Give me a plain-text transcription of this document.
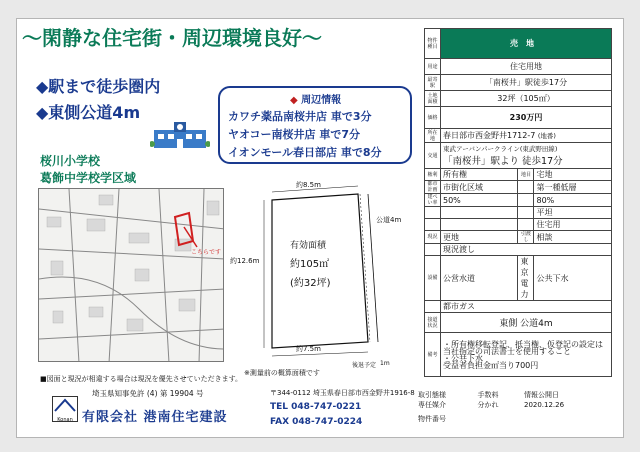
～閑静な住宅街・周辺環境良好～
◆駅まで徒歩圏内
◆東側公道4m
◆ 周辺情報
カワチ薬品南桜井店 車で3分
ヤオコー南桜井店 車で7分
イオンモール春日部店 車で8分
桜川小学校
葛飾中学校学区域
こちらです
約8.5m
約12.6m
約7.5m
公道4m
有効面積
約105㎡
(約32坪)
後退予定 1m
※測量前の概算面積です
■図面と現況が相違する場合は現況を優先させていただきます。
物件種目	売地		
用途	住宅用地		
最寄駅	「南桜井」駅徒歩17分		
土地面積	32坪（105㎡）		
価格	230万円		
所在地	春日部市西金野井1712-7 (地番)		
交通	東武アーバンパークライン(東武野田線)
「南桜井」駅より 徒歩17分		

権利	所有権	地目	宅地
都市計画	市街化区域		第一種低層
建ぺい率	50%		80%
			平坦
			住宅用
現況	更地	引渡し	相談
	現況渡し		
設備	公営水道	東京電力	公共下水
	都市ガス		
接道状況	東側 公道4m		
備考	・所有権移転登記、抵当権、仮登記の設定は当社指定の司法書士を使用すること
・公共下水
受益者負担金㎡当り700円		
埼玉県知事免許 (4) 第 19904 号
Konan 有限会社 港南住宅建設
〒344-0112 埼玉県春日部市西金野井1916-8
TEL 048-747-0221
FAX 048-747-0224
取引態様	手数料	情報公開日
専任媒介	分かれ	2020.12.26
物件番号		
